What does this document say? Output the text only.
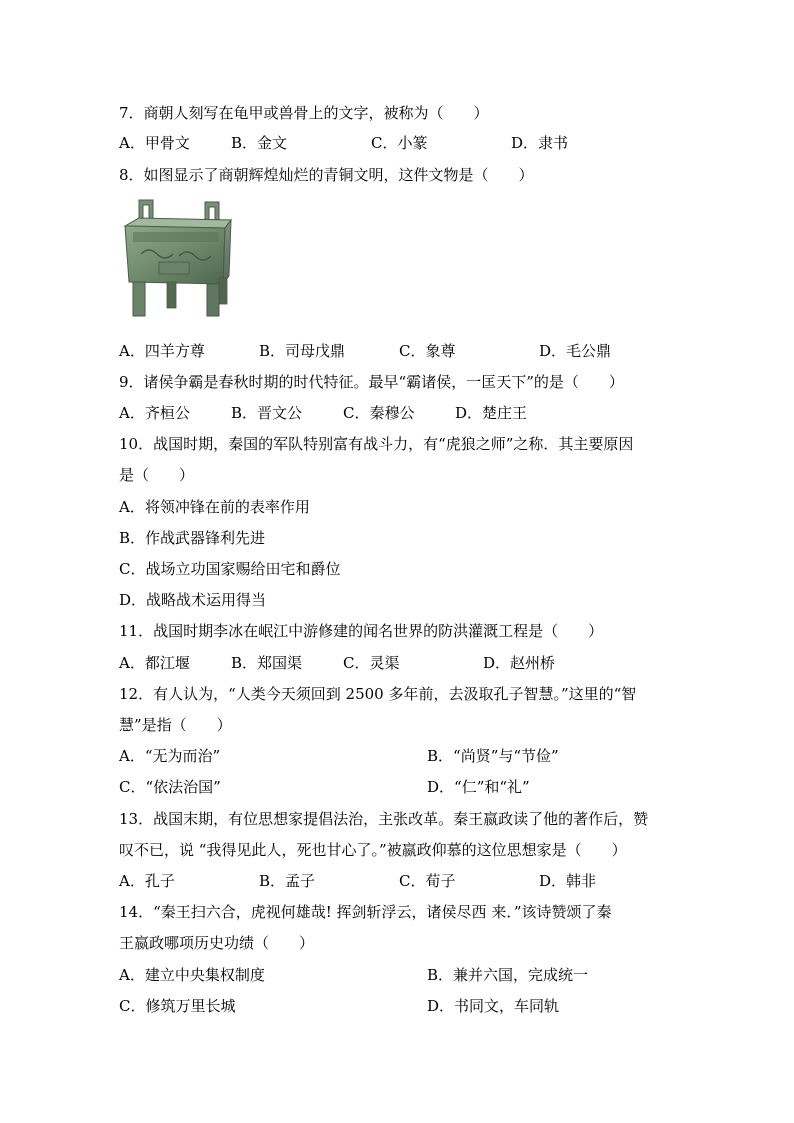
7．商朝人刻写在龟甲或兽骨上的文字，被称为（　　）
A．甲骨文	B．金文	C．小篆	D．隶书
8．如图显示了商朝辉煌灿烂的青铜文明，这件文物是（　　）
A．四羊方尊	B．司母戊鼎	C．象尊	D．毛公鼎
9．诸侯争霸是春秋时期的时代特征。最早“霸诸侯，一匡天下”的是（　　）
A．齐桓公	B．晋文公	C．秦穆公	D．楚庄王
10．战国时期，秦国的军队特别富有战斗力，有“虎狼之师”之称．其主要原因
是（　　）
A．将领冲锋在前的表率作用
B．作战武器锋利先进
C．战场立功国家赐给田宅和爵位
D．战略战术运用得当
11．战国时期李冰在岷江中游修建的闻名世界的防洪灌溉工程是（　　）
A．都江堰	B．郑国渠	C．灵渠	D．赵州桥
12．有人认为，“人类今天须回到 2500 多年前，去汲取孔子智慧。”这里的“智
慧”是指（　　）
A．“无为而治”	B．“尚贤”与“节俭”
C．“依法治国”	D．“仁”和“礼”
13．战国末期，有位思想家提倡法治，主张改革。秦王嬴政读了他的著作后，赞
叹不已，说 “我得见此人，死也甘心了。”被嬴政仰慕的这位思想家是（　　）
A．孔子	B．孟子	C．荀子	D．韩非
14．“秦王扫六合，虎视何雄哉! 挥剑斩浮云，诸侯尽西 来．”该诗赞颂了秦
王嬴政哪项历史功绩（　　）
A．建立中央集权制度	B．兼并六国，完成统一
C．修筑万里长城	D．书同文，车同轨
